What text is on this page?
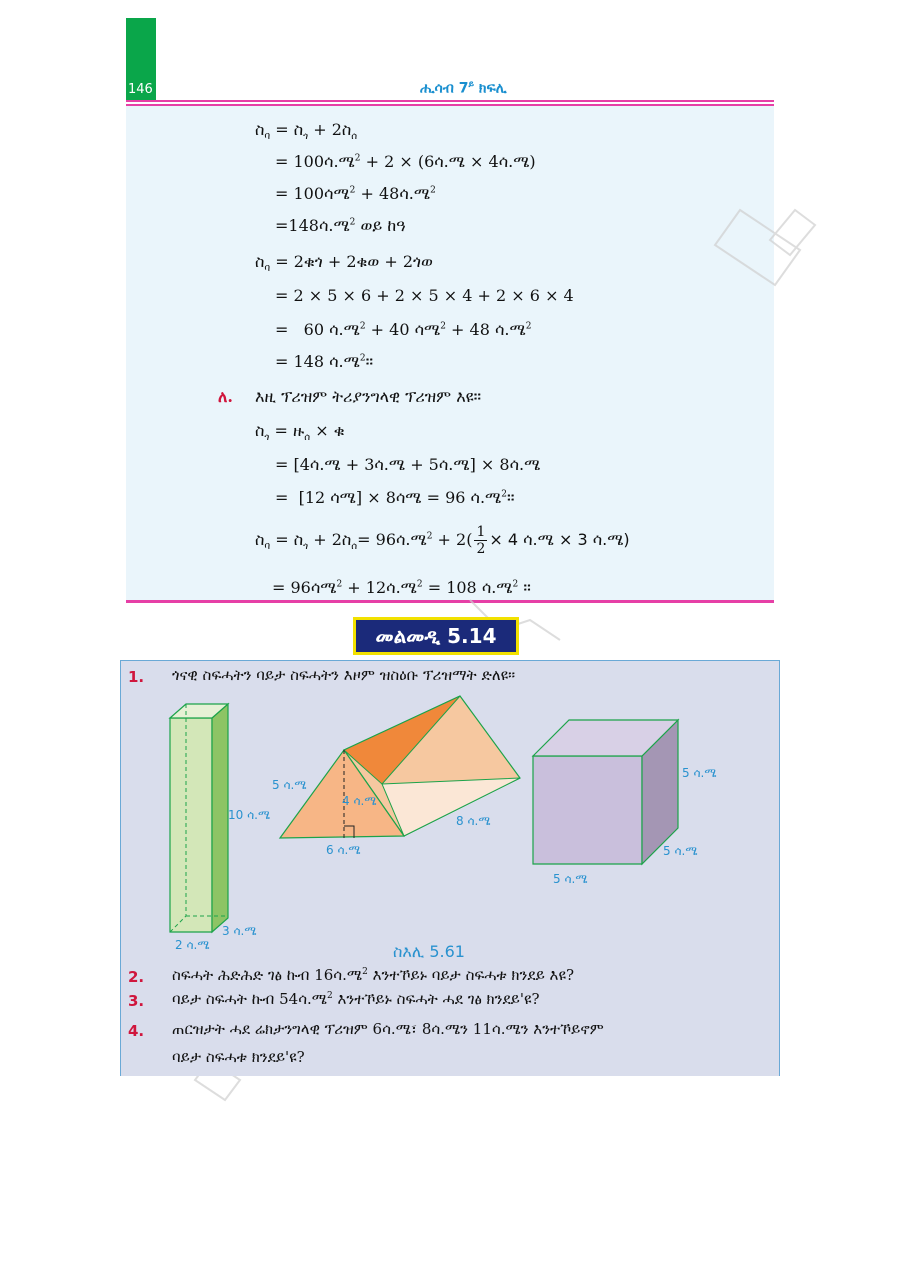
146	ሒሳብ $7^ይ$ ክፍሊ
ስ$_ባ$ = ስ$_ጎ$ + 2ስ$_ሰ$
= 100ሳ.ሜ$^2$ + 2 × (6ሳ.ሜ × 4ሳ.ሜ)
= 100ሳሜ$^2$ + 48ሳ.ሜ$^2$
=148ሳ.ሜ$^2$ ወይ ከዓ
ስ$_ባ$ = 2ቁጎ + 2ቁወ + 2ጎወ
= 2 × 5 × 6 + 2 × 5 × 4 + 2 × 6 × 4
=   60 ሳ.ሜ$^2$ + 40 ሳሜ$^2$ + 48 ሳ.ሜ$^2$
= 148 ሳ.ሜ$^2$።
ለ. እዚ ፕሪዝም ትሪያንግላዊ ፕሪዝም እዩ።
ስ$_ጎ$ = ዙ$_ሰ$ × ቁ
= [4ሳ.ሜ + 3ሳ.ሜ + 5ሳ.ሜ] × 8ሳ.ሜ
=  [12 ሳሜ] × 8ሳሜ = 96 ሳ.ሜ$^2$።
ስ$_ባ$ = ስ$_ጎ$ + 2ስ$_ሰ$= 96ሳ.ሜ$^2$ + $2( \frac{1}{2} \times 4$ ሳ.ሜ × 3 ሳ.ሜ)
= 96ሳሜ$^2$ + 12ሳ.ሜ$^2$ = 108 ሳ.ሜ$^2$ ።
መልመዲ 5.14
1. ጎናዊ ስፍሓትን ባይታ ስፍሓትን እዞም ዝስዕቡ ፕሪዝማት ድለዩ።
10 ሳ.ሜ
2 ሳ.ሜ
3 ሳ.ሜ
5 ሳ.ሜ
4 ሳ.ሜ
6 ሳ.ሜ
8 ሳ.ሜ
5 ሳ.ሜ
5 ሳ.ሜ
5 ሳ.ሜ
ስእሊ 5.61
2. ስፍሓት ሕድሕድ ገፅ ኩብ 16ሳ.ሜ$^2$ እንተኾይኑ ባይታ ስፍሓቱ ክንደይ እዩ?
3. ባይታ ስፍሓት ኩብ 54ሳ.ሜ$^2$ እንተኾይኑ ስፍሓት ሓደ ገፅ ክንደይ'ዩ?
4. ጠርዝታት ሓደ ሬክታንግላዊ ፕሪዝም 6ሳ.ሜ፣ 8ሳ.ሜን 11ሳ.ሜን እንተኾይኖም
ባይታ ስፍሓቱ ክንደይ'ዩ?
